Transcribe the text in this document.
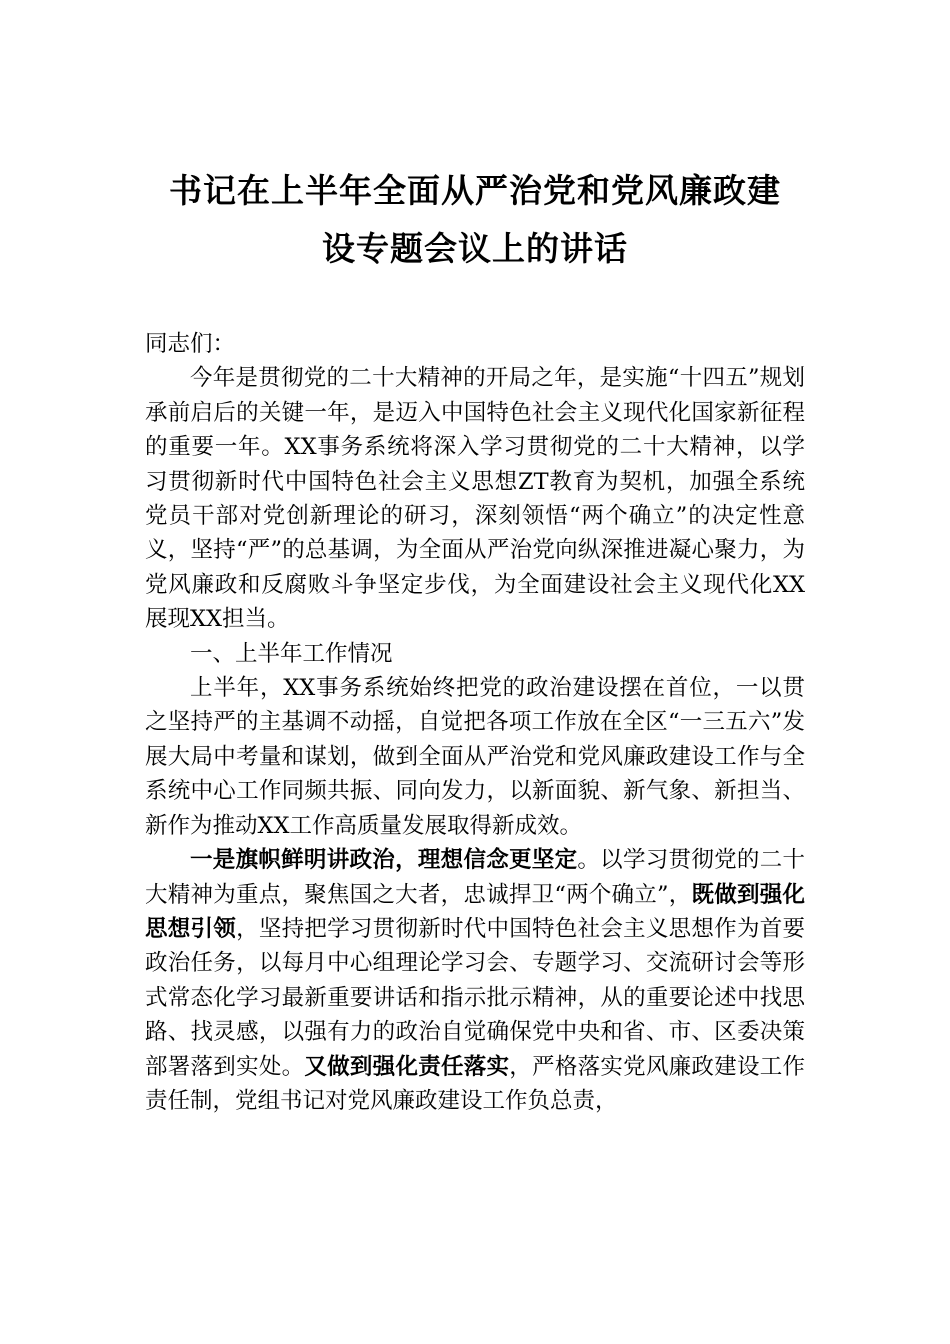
书记在上半年全面从严治党和党风廉政建
设专题会议上的讲话

同志们：

今年是贯彻党的二十大精神的开局之年，是实施“十四五”规划承前启后的关键一年，是迈入中国特色社会主义现代化国家新征程的重要一年。XX事务系统将深入学习贯彻党的二十大精神，以学习贯彻新时代中国特色社会主义思想ZT教育为契机，加强全系统党员干部对党创新理论的研习，深刻领悟“两个确立”的决定性意义，坚持“严”的总基调，为全面从严治党向纵深推进凝心聚力，为党风廉政和反腐败斗争坚定步伐，为全面建设社会主义现代化XX展现XX担当。

一、上半年工作情况

上半年，XX事务系统始终把党的政治建设摆在首位，一以贯之坚持严的主基调不动摇，自觉把各项工作放在全区“一三五六”发展大局中考量和谋划，做到全面从严治党和党风廉政建设工作与全系统中心工作同频共振、同向发力，以新面貌、新气象、新担当、新作为推动XX工作高质量发展取得新成效。

一是旗帜鲜明讲政治，理想信念更坚定。以学习贯彻党的二十大精神为重点，聚焦国之大者，忠诚捍卫“两个确立”，既做到强化思想引领，坚持把学习贯彻新时代中国特色社会主义思想作为首要政治任务，以每月中心组理论学习会、专题学习、交流研讨会等形式常态化学习最新重要讲话和指示批示精神，从的重要论述中找思路、找灵感，以强有力的政治自觉确保党中央和省、市、区委决策部署落到实处。又做到强化责任落实，严格落实党风廉政建设工作责任制，党组书记对党风廉政建设工作负总责，
